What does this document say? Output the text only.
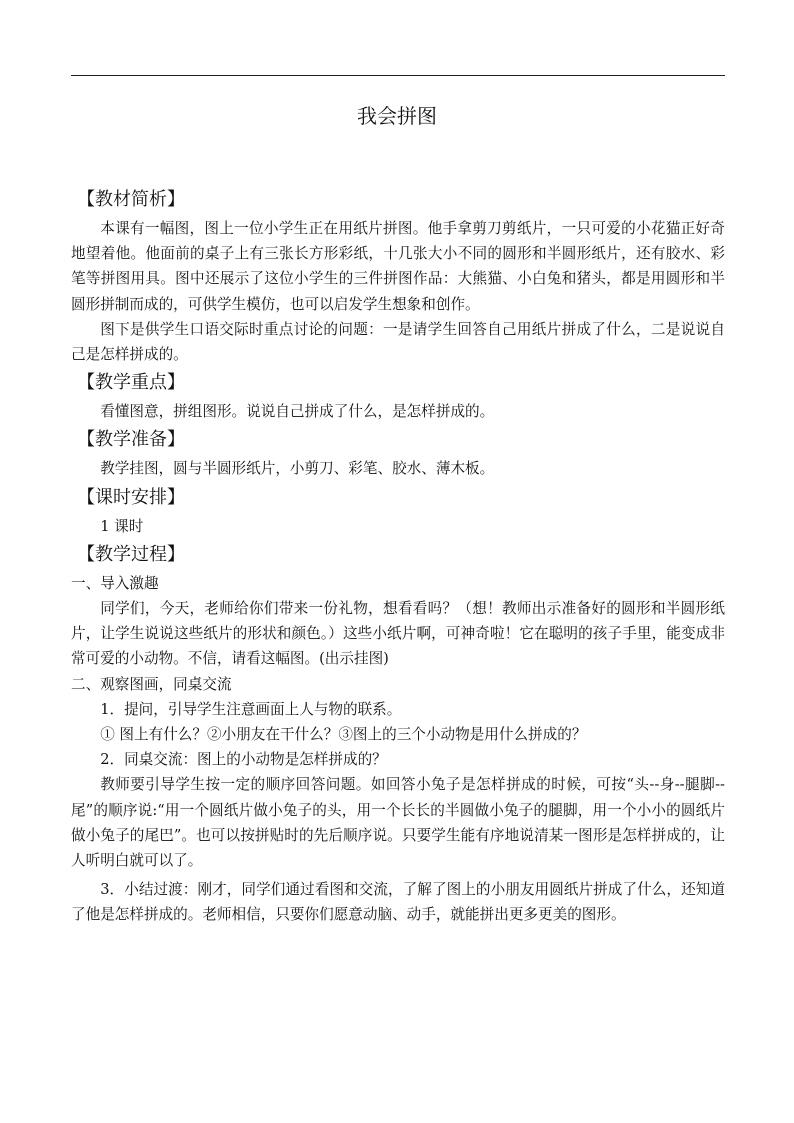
我会拼图
【教材简析】
本课有一幅图，图上一位小学生正在用纸片拼图。他手拿剪刀剪纸片，一只可爱的小花猫正好奇地望着他。他面前的桌子上有三张长方形彩纸，十几张大小不同的圆形和半圆形纸片，还有胶水、彩笔等拼图用具。图中还展示了这位小学生的三件拼图作品：大熊猫、小白兔和猪头，都是用圆形和半圆形拼制而成的，可供学生模仿，也可以启发学生想象和创作。
图下是供学生口语交际时重点讨论的问题：一是请学生回答自己用纸片拼成了什么，二是说说自己是怎样拼成的。
【教学重点】
看懂图意，拼组图形。说说自己拼成了什么，是怎样拼成的。
【教学准备】
教学挂图，圆与半圆形纸片，小剪刀、彩笔、胶水、薄木板。
【课时安排】
1 课时
【教学过程】
一、导入激趣
同学们，今天，老师给你们带来一份礼物，想看看吗？（想！教师出示准备好的圆形和半圆形纸片，让学生说说这些纸片的形状和颜色。）这些小纸片啊，可神奇啦！它在聪明的孩子手里，能变成非常可爱的小动物。不信，请看这幅图。(出示挂图)
二、观察图画，同桌交流
1．提问，引导学生注意画面上人与物的联系。
① 图上有什么？②小朋友在干什么？③图上的三个小动物是用什么拼成的？
2．同桌交流：图上的小动物是怎样拼成的？
教师要引导学生按一定的顺序回答问题。如回答小兔子是怎样拼成的时候，可按“头--身--腿脚--尾”的顺序说:“用一个圆纸片做小兔子的头，用一个长长的半圆做小兔子的腿脚，用一个小小的圆纸片做小兔子的尾巴”。也可以按拼贴时的先后顺序说。只要学生能有序地说清某一图形是怎样拼成的，让人听明白就可以了。
3．小结过渡：刚才，同学们通过看图和交流，了解了图上的小朋友用圆纸片拼成了什么，还知道了他是怎样拼成的。老师相信，只要你们愿意动脑、动手，就能拼出更多更美的图形。
